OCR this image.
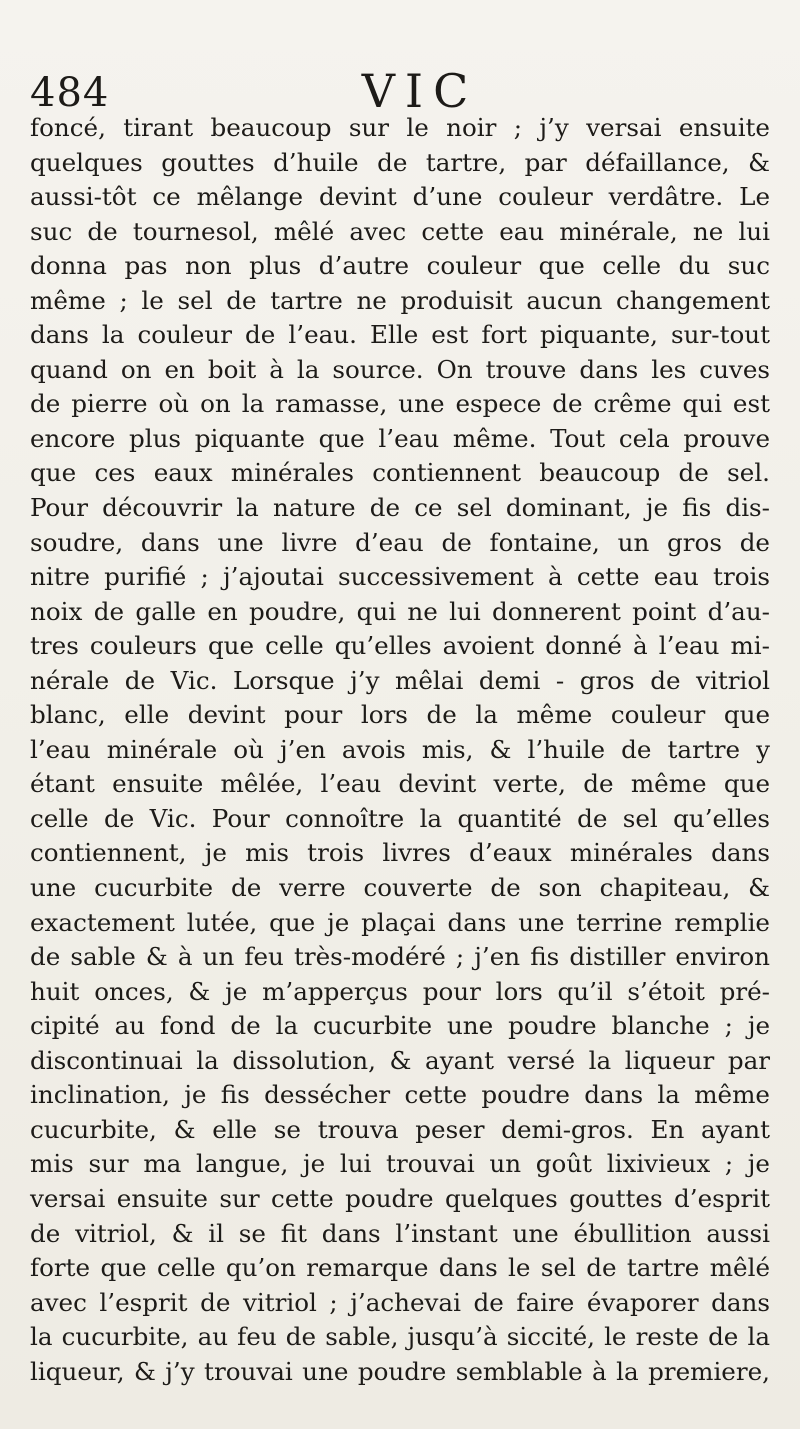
484	VIC
foncé, tirant beaucoup sur le noir ; j’y versai ensuite
quelques gouttes d’huile de tartre, par défaillance, &
aussi-tôt ce mêlange devint d’une couleur verdâtre. Le
suc de tournesol, mêlé avec cette eau minérale, ne lui
donna pas non plus d’autre couleur que celle du suc
même ; le sel de tartre ne produisit aucun changement
dans la couleur de l’eau. Elle est fort piquante, sur-tout
quand on en boit à la source. On trouve dans les cuves
de pierre où on la ramasse, une espece de crême qui est
encore plus piquante que l’eau même. Tout cela prouve
que ces eaux minérales contiennent beaucoup de sel.
Pour découvrir la nature de ce sel dominant, je fis dis-
soudre, dans une livre d’eau de fontaine, un gros de
nitre purifié ; j’ajoutai successivement à cette eau trois
noix de galle en poudre, qui ne lui donnerent point d’au-
tres couleurs que celle qu’elles avoient donné à l’eau mi-
nérale de Vic. Lorsque j’y mêlai demi - gros de vitriol
blanc, elle devint pour lors de la même couleur que
l’eau minérale où j’en avois mis, & l’huile de tartre y
étant ensuite mêlée, l’eau devint verte, de même que
celle de Vic. Pour connoître la quantité de sel qu’elles
contiennent, je mis trois livres d’eaux minérales dans
une cucurbite de verre couverte de son chapiteau, &
exactement lutée, que je plaçai dans une terrine remplie
de sable & à un feu très-modéré ; j’en fis distiller environ
huit onces, & je m’apperçus pour lors qu’il s’étoit pré-
cipité au fond de la cucurbite une poudre blanche ; je
discontinuai la dissolution, & ayant versé la liqueur par
inclination, je fis dessécher cette poudre dans la même
cucurbite, & elle se trouva peser demi-gros. En ayant
mis sur ma langue, je lui trouvai un goût lixivieux ; je
versai ensuite sur cette poudre quelques gouttes d’esprit
de vitriol, & il se fit dans l’instant une ébullition aussi
forte que celle qu’on remarque dans le sel de tartre mêlé
avec l’esprit de vitriol ; j’achevai de faire évaporer dans
la cucurbite, au feu de sable, jusqu’à siccité, le reste de la
liqueur, & j’y trouvai une poudre semblable à la premiere,
